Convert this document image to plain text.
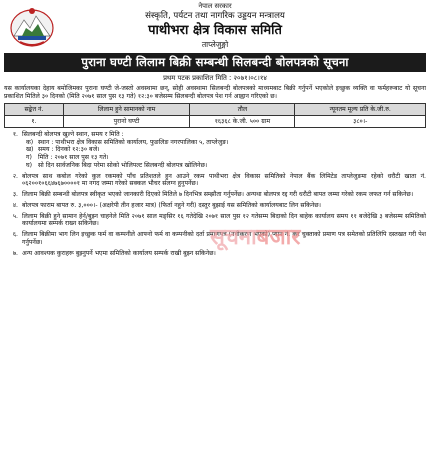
नेपाल सरकार
संस्कृति, पर्यटन तथा नागरिक उड्डयन मन्त्रालय
पाथीभरा क्षेत्र विकास समिति
ताप्लेजुङ्गो
पुराना घण्टी लिलाम बिक्री सम्बन्धी सिलबन्दी बोलपत्रको सूचना
प्रथम पटक प्रकाशित मिति : २०७१।०८।१४
यस कार्यालयका देहाय बमोजिमका पुराना घण्टी जे-जस्तो अवस्थामा छन्, सोही अवस्थामा सिलबन्दी बोलपत्रको माध्यमबाट बिक्री गर्नुपर्ने भएकोले इच्छुक व्यक्ति वा फर्महरूबाट यो सूचना प्रकाशित मितिले ३० दिनको (मिति २०७१ साल पुस १३ गते) १२:३० बजेसम्म सिलबन्दी बोलपत्र पेश गर्न आह्वान गरिएको छ।
सङ्केत नं.	लिलाम हुने सामानको नाम	तौल	न्यूनतम मूल्य प्रति के.जी.रु.
१.	पुरानो घण्टी	१६३६८ के.जी. ५०० ग्राम	३८०।-
१. सिलबन्दी बोलपत्र खुल्ने स्थान, समय र मिति :
क) स्थान : पाथीभरा क्षेत्र विकास समितिको कार्यालय, फुङलिङ नगरपालिका ५, ताप्लेजुङ।
ख) समय : दिनको १२:३० बजे।
ग) मिति : २०७१ साल पुस १३ गते।
घ) सो दिन सार्वजनिक बिदा परेमा सोको भोलिपल्ट सिलबन्दी बोलपत्र खोलिनेछ।
२. बोलपत्र साथ कबोल गरेको कुल रकमको पाँच प्रतिशतले हुन आउने रकम पाथीभरा क्षेत्र विकास समितिको नेपाल बैंक लिमिटेड ताप्लेजुङमा रहेको धरौटी खाता नं. ०६२००१०६६४७६७००००१ मा नगद जम्मा गरेको सक्कल भौचर संलग्न हुनुपर्नेछ।
३. लिलाम बिक्री सम्बन्धी बोलपत्र स्वीकृत भएको जानकारी दिएको मितिले ७ दिनभित्र सम्झौता गर्नुपर्नेछ। अन्यथा बोलपत्र रद्द गरी धरौटी बापत जम्मा गरेको रकम जफत गर्न सकिनेछ।
४. बोलपत्र फाराम बापत रु. ३,०००।- (अक्षरेपी तीन हजार मात्र) (फिर्ता नहुने गरी) दस्तुर बुझाई यस समितिको कार्यालयबाट लिन सकिनेछ।
५. लिलाम बिक्री हुने सामान हेर्न/बुझ्न चाहनेले मिति २०७१ साल मङ्सिर १६ गतेदेखि २०७१ साल पुस १२ गतेसम्म बिदाको दिन बाहेक कार्यालय समय ११ बजेदेखि ३ बजेसम्म समितिको कार्यालयमा सम्पर्क राख्न सकिनेछ।
६. लिलाम बिक्रीमा भाग लिन इच्छुक फर्म वा कम्पनीले आफ्नो फर्म वा कम्पनीको दर्ता प्रमाणपत्र (नवीकरण भएको) प्यान नं. कर चुक्ताको प्रमाण पत्र समेतको प्रतिलिपि दस्तखत गरी पेश गर्नुपर्नेछ।
७. अन्य आवश्यक कुराहरू बुझ्नुपर्ने भएमा समितिको कार्यालय सम्पर्क राखी बुझ्न सकिनेछ।
सूचनाबजार
